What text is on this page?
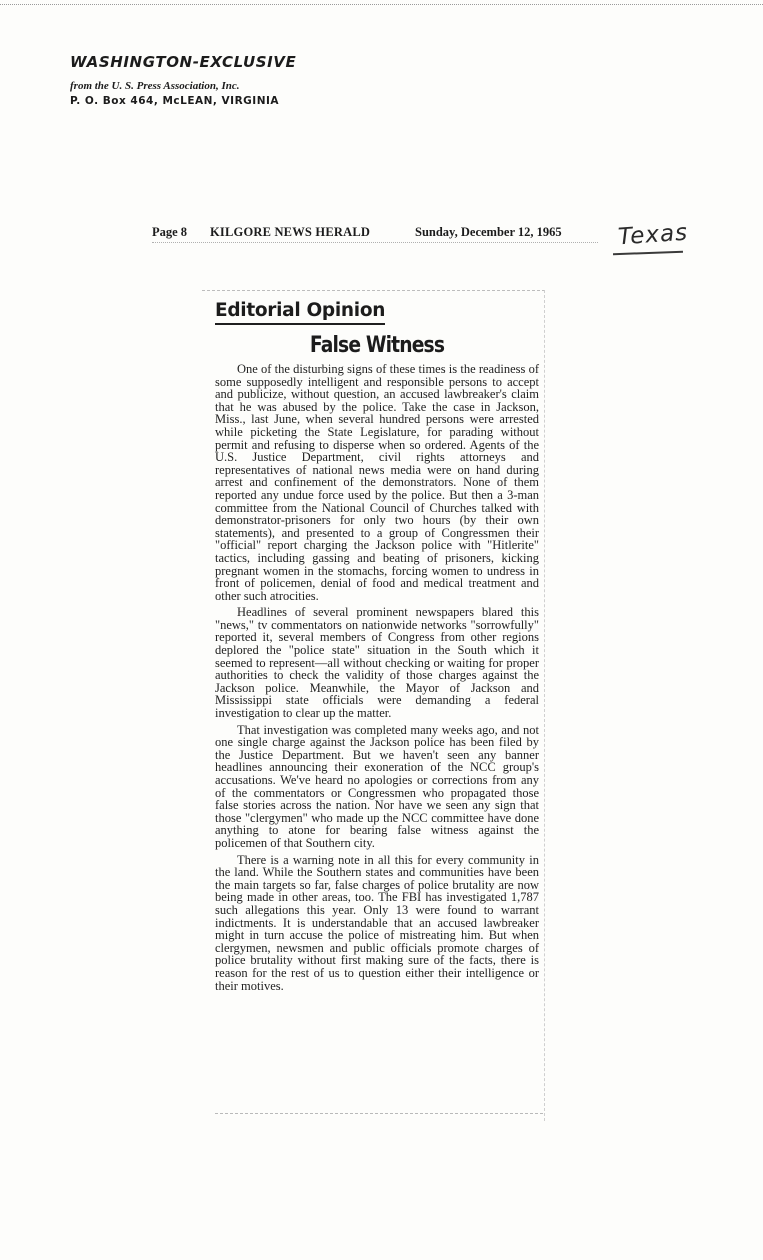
WASHINGTON-EXCLUSIVE
from the U. S. Press Association, Inc.
P. O. Box 464, McLEAN, VIRGINIA
Page 8 KILGORE NEWS HERALD	Sunday, December 12, 1965 Texas
Editorial Opinion
False Witness

One of the disturbing signs of these times is the readiness of some supposedly intelligent and responsible persons to accept and publicize, without question, an accused lawbreaker's claim that he was abused by the police. Take the case in Jackson, Miss., last June, when several hundred persons were arrested while picketing the State Legislature, for parading without permit and refusing to disperse when so ordered. Agents of the U.S. Justice Department, civil rights attorneys and representatives of national news media were on hand during arrest and confinement of the demonstrators. None of them reported any undue force used by the police. But then a 3-man committee from the National Council of Churches talked with demonstrator-prisoners for only two hours (by their own statements), and presented to a group of Congressmen their "official" report charging the Jackson police with "Hitlerite" tactics, including gassing and beating of prisoners, kicking pregnant women in the stomachs, forcing women to undress in front of policemen, denial of food and medical treatment and other such atrocities.

Headlines of several prominent newspapers blared this "news," tv commentators on nationwide networks "sorrowfully" reported it, several members of Congress from other regions deplored the "police state" situation in the South which it seemed to represent—all without checking or waiting for proper authorities to check the validity of those charges against the Jackson police. Meanwhile, the Mayor of Jackson and Mississippi state officials were demanding a federal investigation to clear up the matter.

That investigation was completed many weeks ago, and not one single charge against the Jackson police has been filed by the Justice Department. But we haven't seen any banner headlines announcing their exoneration of the NCC group's accusations. We've heard no apologies or corrections from any of the commentators or Congressmen who propagated those false stories across the nation. Nor have we seen any sign that those "clergymen" who made up the NCC committee have done anything to atone for bearing false witness against the policemen of that Southern city.

There is a warning note in all this for every community in the land. While the Southern states and communities have been the main targets so far, false charges of police brutality are now being made in other areas, too. The FBI has investigated 1,787 such allegations this year. Only 13 were found to warrant indictments. It is understandable that an accused lawbreaker might in turn accuse the police of mistreating him. But when clergymen, newsmen and public officials promote charges of police brutality without first making sure of the facts, there is reason for the rest of us to question either their intelligence or their motives.
